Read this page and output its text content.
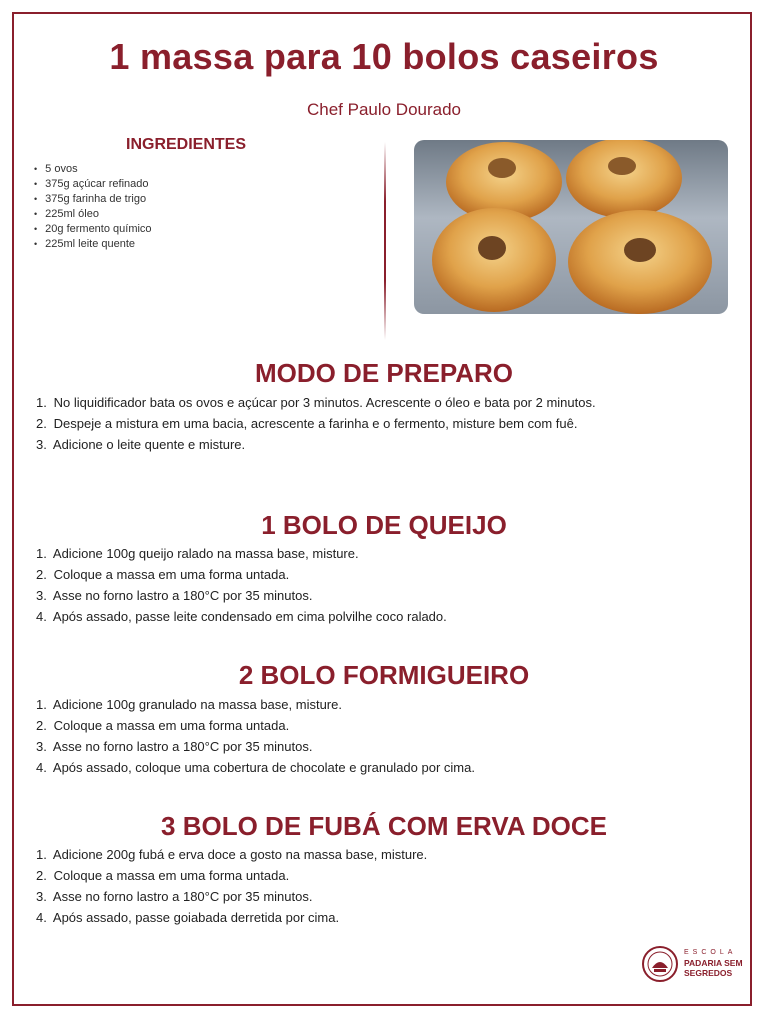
1 massa para 10 bolos caseiros
Chef Paulo Dourado
INGREDIENTES
• 5 ovos
• 375g açúcar refinado
• 375g farinha de trigo
• 225ml óleo
• 20g fermento químico
• 225ml leite quente
MODO DE PREPARO
1. No liquidificador bata os ovos e açúcar por 3 minutos. Acrescente o óleo e bata por 2 minutos.
2. Despeje a mistura em uma bacia, acrescente a farinha e o fermento, misture bem com fuê.
3. Adicione o leite quente e misture.
1 BOLO DE QUEIJO
1. Adicione 100g queijo ralado na massa base, misture.
2. Coloque a massa em uma forma untada.
3. Asse no forno lastro a 180°C por 35 minutos.
4. Após assado, passe leite condensado em cima polvilhe coco ralado.
2 BOLO FORMIGUEIRO
1. Adicione 100g granulado na massa base, misture.
2. Coloque a massa em uma forma untada.
3. Asse no forno lastro a 180°C por 35 minutos.
4. Após assado, coloque uma cobertura de chocolate e granulado por cima.
3 BOLO DE FUBÁ COM ERVA DOCE
1. Adicione 200g fubá e erva doce a gosto na massa base, misture.
2. Coloque a massa em uma forma untada.
3. Asse no forno lastro a 180°C por 35 minutos.
4. Após assado, passe goiabada derretida por cima.
ESCOLA
PADARIA SEM
SEGREDOS
